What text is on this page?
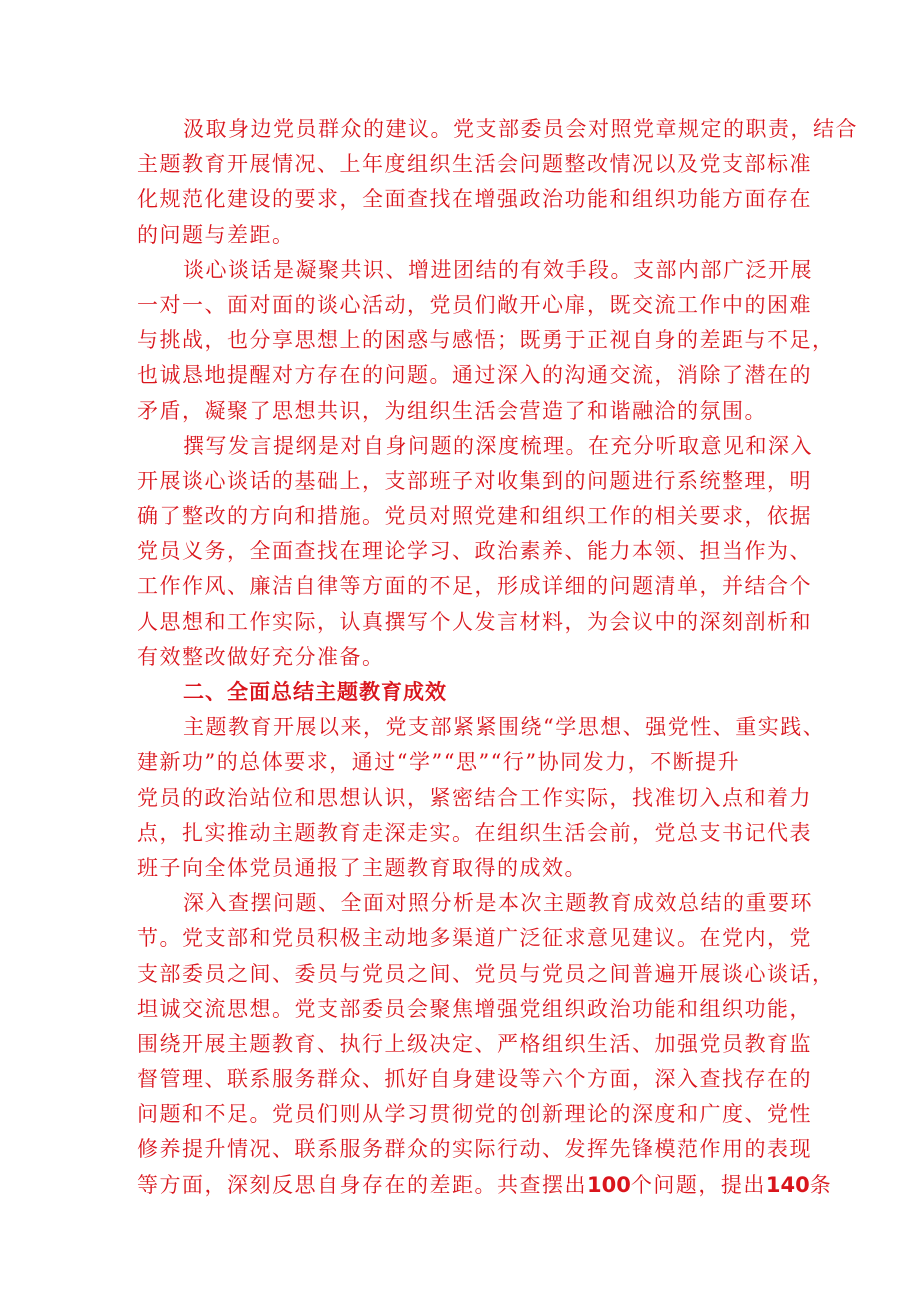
汲取身边党员群众的建议。党支部委员会对照党章规定的职责，结合
主题教育开展情况、上年度组织生活会问题整改情况以及党支部标准
化规范化建设的要求，全面查找在增强政治功能和组织功能方面存在
的问题与差距。
谈心谈话是凝聚共识、增进团结的有效手段。支部内部广泛开展
一对一、面对面的谈心活动，党员们敞开心扉，既交流工作中的困难
与挑战，也分享思想上的困惑与感悟；既勇于正视自身的差距与不足，
也诚恳地提醒对方存在的问题。通过深入的沟通交流，消除了潜在的
矛盾，凝聚了思想共识，为组织生活会营造了和谐融洽的氛围。
撰写发言提纲是对自身问题的深度梳理。在充分听取意见和深入
开展谈心谈话的基础上，支部班子对收集到的问题进行系统整理，明
确了整改的方向和措施。党员对照党建和组织工作的相关要求，依据
党员义务，全面查找在理论学习、政治素养、能力本领、担当作为、
工作作风、廉洁自律等方面的不足，形成详细的问题清单，并结合个
人思想和工作实际，认真撰写个人发言材料，为会议中的深刻剖析和
有效整改做好充分准备。
二、全面总结主题教育成效
主题教育开展以来，党支部紧紧围绕“学思想、强党性、重实践、
建新功”的总体要求，通过“学”“思”“行”协同发力，不断提升
党员的政治站位和思想认识，紧密结合工作实际，找准切入点和着力
点，扎实推动主题教育走深走实。在组织生活会前，党总支书记代表
班子向全体党员通报了主题教育取得的成效。
深入查摆问题、全面对照分析是本次主题教育成效总结的重要环
节。党支部和党员积极主动地多渠道广泛征求意见建议。在党内，党
支部委员之间、委员与党员之间、党员与党员之间普遍开展谈心谈话，
坦诚交流思想。党支部委员会聚焦增强党组织政治功能和组织功能，
围绕开展主题教育、执行上级决定、严格组织生活、加强党员教育监
督管理、联系服务群众、抓好自身建设等六个方面，深入查找存在的
问题和不足。党员们则从学习贯彻党的创新理论的深度和广度、党性
修养提升情况、联系服务群众的实际行动、发挥先锋模范作用的表现
等方面，深刻反思自身存在的差距。共查摆出100个问题，提出140条
